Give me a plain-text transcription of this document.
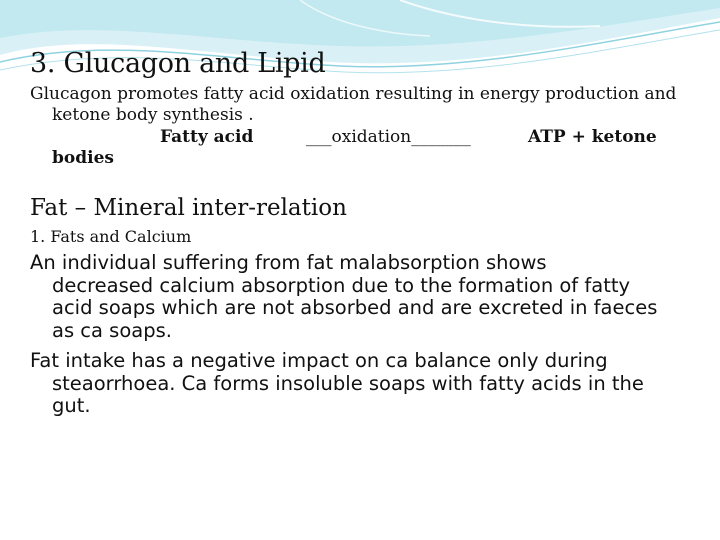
3. Glucagon and Lipid
Glucagon promotes fatty acid oxidation resulting in energy production and
ketone body synthesis .
Fatty acid	___oxidation_______	ATP + ketone
bodies
Fat – Mineral inter-relation
1. Fats and Calcium
An individual suffering from fat malabsorption shows
decreased calcium absorption due to the formation of fatty
acid soaps which are not absorbed and are excreted in faeces
as ca soaps.
Fat intake has a negative impact on ca balance only during
steaorrhoea. Ca forms insoluble soaps with fatty acids in the
gut.
